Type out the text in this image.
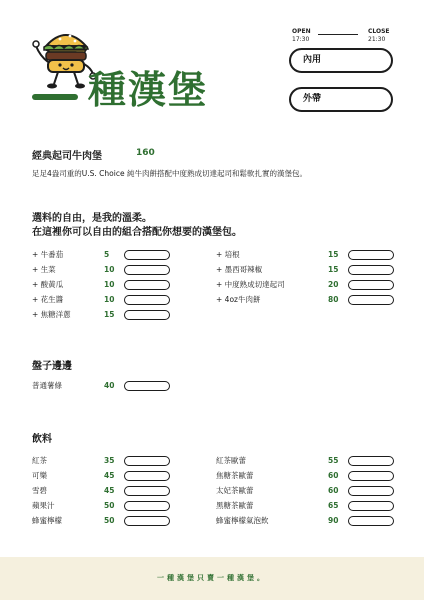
種漢堡
OPEN
17:30
CLOSE
21:30
內用
外帶
經典起司牛肉堡	160
足足4盎司重的U.S. Choice 純牛肉餅搭配中度熟成切達起司和鬆軟扎實的漢堡包。
選料的自由，是我的溫柔。
在這裡你可以自由的組合搭配你想要的漢堡包。
+ 牛番茄	5
+ 生菜	10
+ 酸黃瓜	10
+ 花生醬	10
+ 焦糖洋蔥	15
+ 培根	15
+ 墨西哥辣椒	15
+ 中度熟成切達起司	20
+ 4oz牛肉餅	80
盤子邊邊
普通薯條	40
飲料
紅茶	35
可樂	45
雪碧	45
蘋果汁	50
蜂蜜檸檬	50
紅茶歐蕾	55
焦糖茶歐蕾	60
太妃茶歐蕾	60
黑糖茶歐蕾	65
蜂蜜檸檬氣泡飲	90
一種漢堡只賣一種漢堡。
